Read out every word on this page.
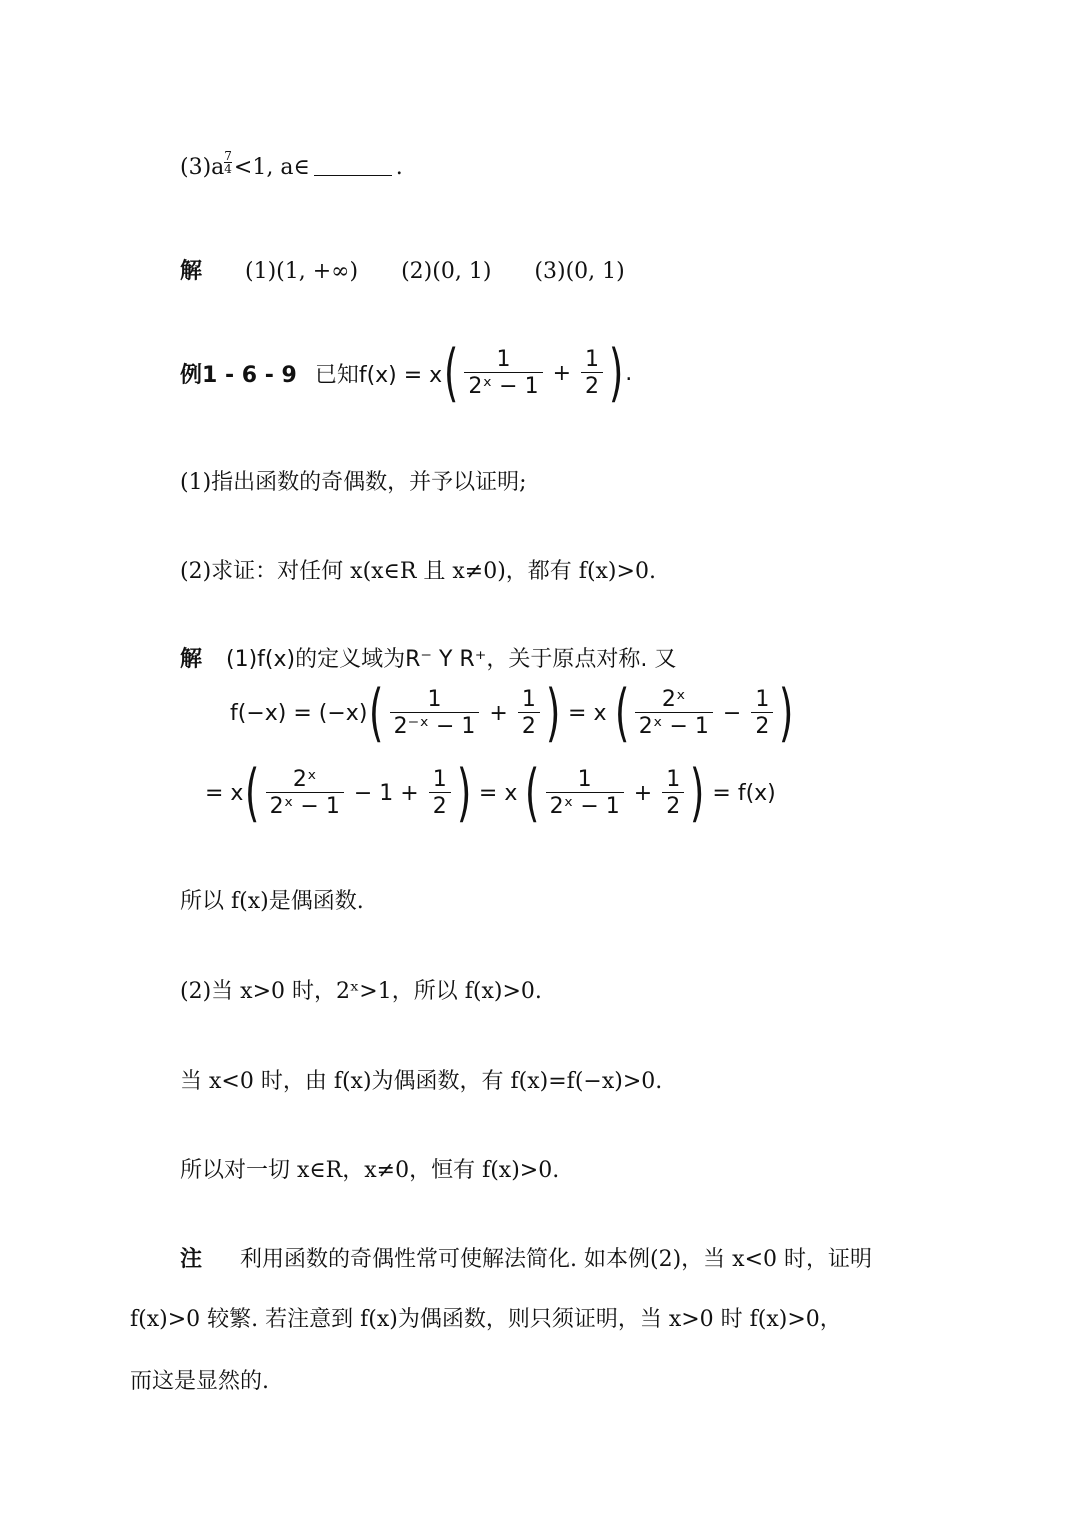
$(3)a \frac{7}{4} <1$, a∈	.
解 (1)(1, +∞) (2)(0, 1) (3)(0, 1)
例1 - 6 - 9 已知f(x) = x ( $\frac{1}{\text{2ˣ − 1}} + \frac{1}{2}$ ) .
(1)指出函数的奇偶数，并予以证明;
(2)求证：对任何 x(x∈R 且 x≠0)，都有 f(x)>0.
解 (1)f(x)的定义域为R⁻ Y R⁺，关于原点对称. 又
f(−x) = (−x) ( $\frac{1}{\text{2⁻ˣ − 1}} + \frac{1}{2}$ ) = x ( $\frac{\text{2ˣ}}{\text{2ˣ − 1}} - \frac{1}{2}$ )
= x ( $\frac{\text{2ˣ}}{\text{2ˣ − 1}} - 1 + \frac{1}{2}$ ) = x ( $\frac{1}{\text{2ˣ − 1}} + \frac{1}{2}$ ) = f(x)
所以 f(x)是偶函数.
(2)当 x>0 时，2ˣ>1，所以 f(x)>0.
当 x<0 时，由 f(x)为偶函数，有 f(x)=f(−x)>0.
所以对一切 x∈R，x≠0，恒有 f(x)>0.
注 利用函数的奇偶性常可使解法简化. 如本例(2)，当 x<0 时，证明
f(x)>0 较繁. 若注意到 f(x)为偶函数，则只须证明，当 x>0 时 f(x)>0，
而这是显然的.
